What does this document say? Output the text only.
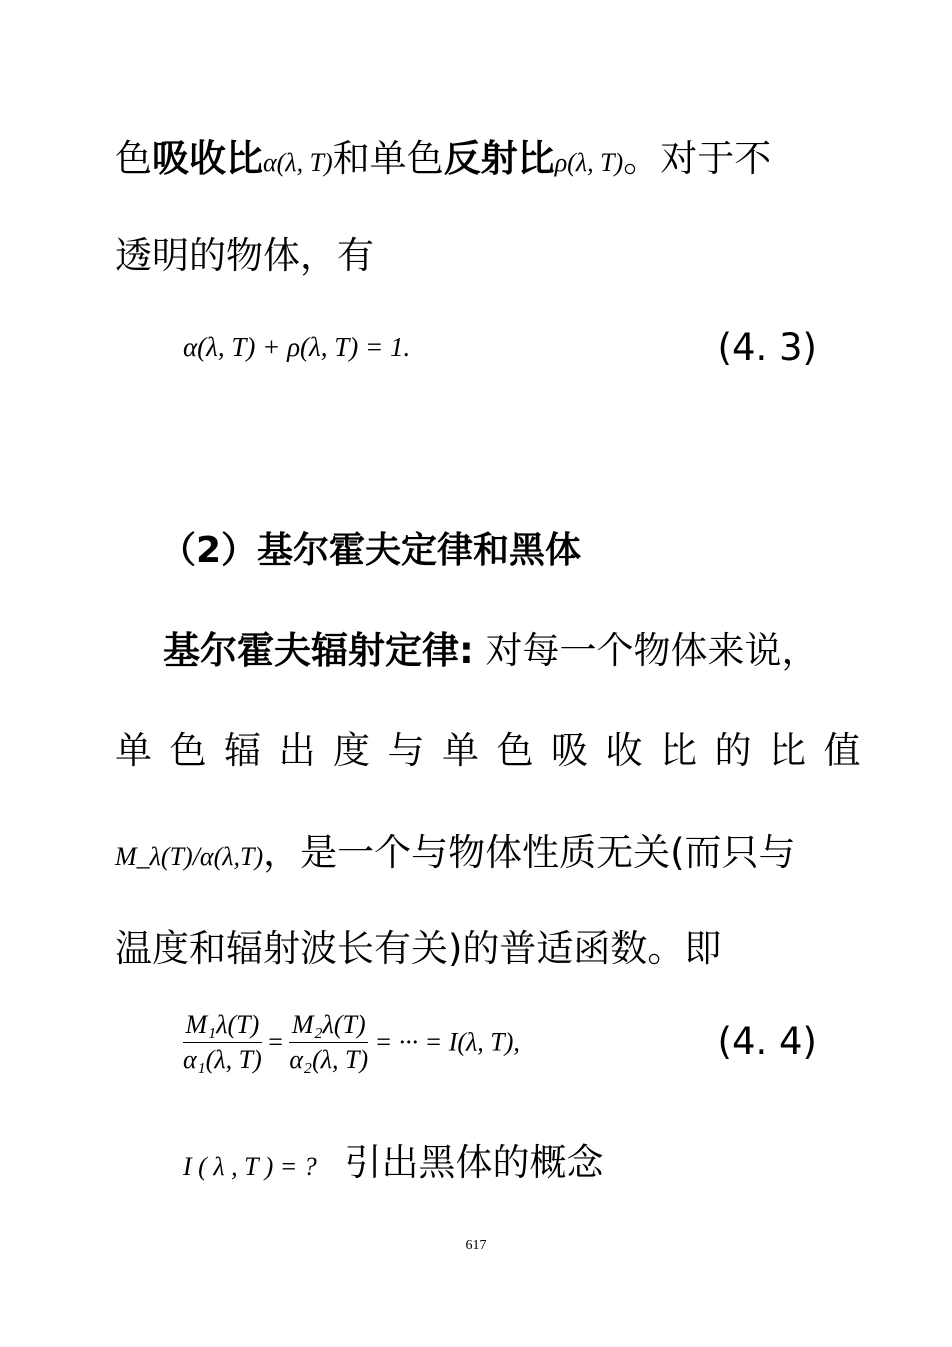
色吸收比α(λ, T)和单色反射比ρ(λ, T)。对于不
透明的物体，有
α(λ, T) + ρ(λ, T) = 1.	(4. 3)
（2）基尔霍夫定律和黑体
基尔霍夫辐射定律: 对每一个物体来说，
单色辐出度与单色吸收比的比值
M_λ(T)/α(λ,T)，是一个与物体性质无关(而只与
温度和辐射波长有关)的普适函数。即
$\frac{\text{M₁λ(T)}}{\text{α₁(λ, T)}} = \frac{\text{M₂λ(T)}}{\text{α₂(λ, T)}}$ = ··· = I(λ, T),	(4. 4)
I ( λ , T ) = ? 引出黑体的概念
617
